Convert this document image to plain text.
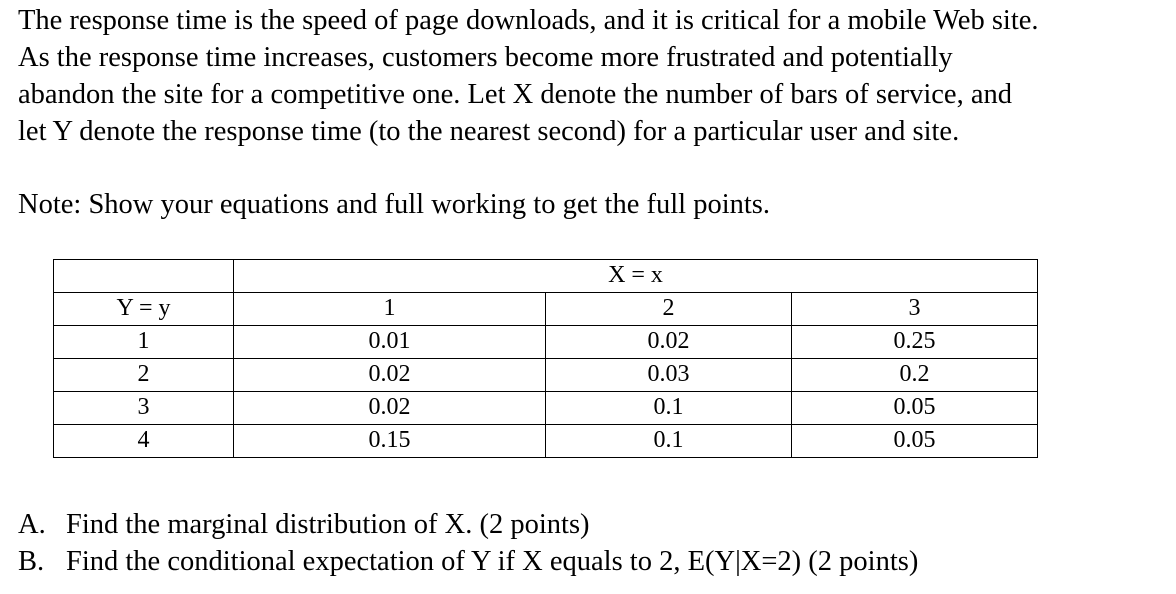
The response time is the speed of page downloads, and it is critical for a mobile Web site.
As the response time increases, customers become more frustrated and potentially
abandon the site for a competitive one. Let X denote the number of bars of service, and
let Y denote the response time (to the nearest second) for a particular user and site.

Note: Show your equations and full working to get the full points.

	X = x		
Y = y	1	2	3
1	0.01	0.02	0.25
2	0.02	0.03	0.2
3	0.02	0.1	0.05
4	0.15	0.1	0.05
A. Find the marginal distribution of X. (2 points)
B. Find the conditional expectation of Y if X equals to 2, E(Y|X=2) (2 points)
